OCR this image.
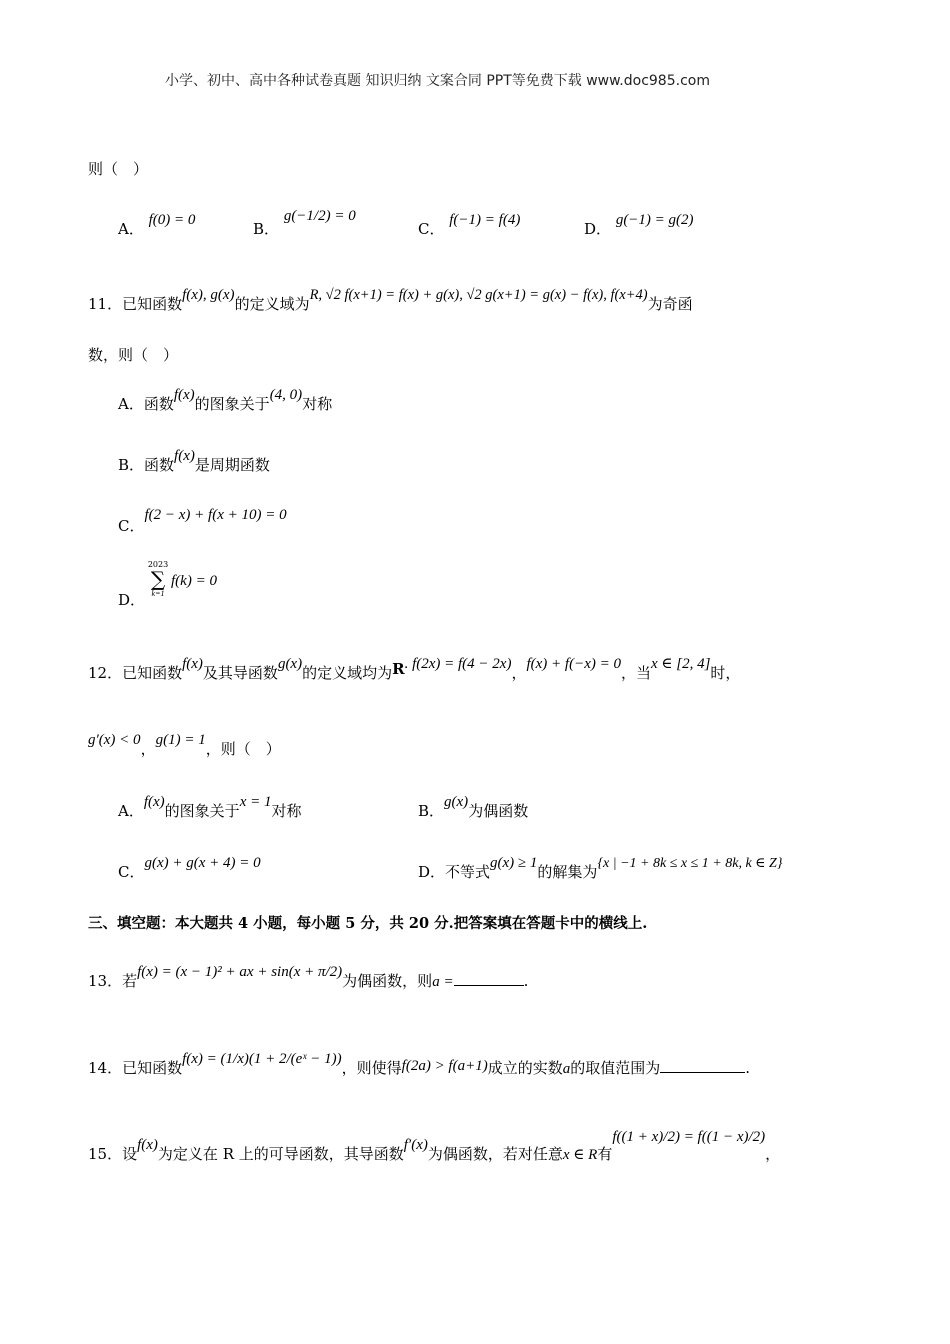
小学、初中、高中各种试卷真题 知识归纳 文案合同 PPT等免费下载 www.doc985.com
则（　）
A． f(0) = 0	B． g(−1/2) = 0
C． f(−1) = f(4)	D． g(−1) = g(2)
11．已知函数f(x), g(x)的定义域为R, √2 f(x+1) = f(x) + g(x), √2 g(x+1) = g(x) − f(x), f(x+4)为奇函
数，则（　）
A．函数f(x)的图象关于(4, 0)对称
B．函数f(x)是周期函数
C．f(2 − x) + f(x + 10) = 0
D．
2023
∑
k=1
f(k) = 0
12．已知函数f(x)及其导函数g(x)的定义域均为R. f(2x) = f(4 − 2x)，f(x) + f(−x) = 0，当x ∈ [2, 4]时，
g′(x) < 0，g(1) = 1，则（　）
A．f(x)的图象关于x = 1对称	B．g(x)为偶函数
C．g(x) + g(x + 4) = 0	D．不等式g(x) ≥ 1的解集为{x | −1 + 8k ≤ x ≤ 1 + 8k, k ∈ Z}
三、填空题：本大题共 4 小题，每小题 5 分，共 20 分.把答案填在答题卡中的横线上.
13．若f(x) = (x − 1)² + ax + sin(x + π/2)为偶函数，则a =	.
14．已知函数f(x) = (1/x)(1 + 2/(eˣ − 1))，则使得f(2a) > f(a+1)成立的实数a的取值范围为	.
15．设f(x)为定义在 R 上的可导函数，其导函数f′(x)为偶函数，若对任意x ∈ R有f((1 + x)/2) = f((1 − x)/2)，
